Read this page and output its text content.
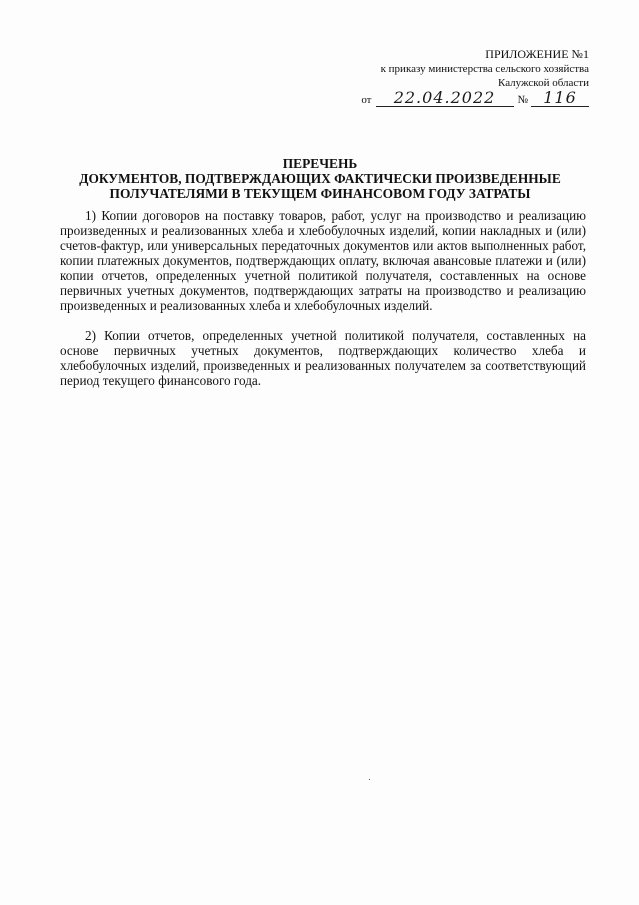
ПРИЛОЖЕНИЕ №1
к приказу министерства сельского хозяйства
Калужской области
от	22.04.2022	№ 116
ПЕРЕЧЕНЬ
ДОКУМЕНТОВ, ПОДТВЕРЖДАЮЩИХ ФАКТИЧЕСКИ ПРОИЗВЕДЕННЫЕ
ПОЛУЧАТЕЛЯМИ В ТЕКУЩЕМ ФИНАНСОВОМ ГОДУ ЗАТРАТЫ

1) Копии договоров на поставку товаров, работ, услуг на производство и реализацию произведенных и реализованных хлеба и хлебобулочных изделий, копии накладных и (или) счетов-фактур, или универсальных передаточных документов или актов выполненных работ, копии платежных документов, подтверждающих оплату, включая авансовые платежи и (или) копии отчетов, определенных учетной политикой получателя, составленных на основе первичных учетных документов, подтверждающих затраты на производство и реализацию произведенных и реализованных хлеба и хлебобулочных изделий.

2) Копии отчетов, определенных учетной политикой получателя, составленных на основе первичных учетных документов, подтверждающих количество хлеба и хлебобулочных изделий, произведенных и реализованных получателем за соответствующий период текущего финансового года.
